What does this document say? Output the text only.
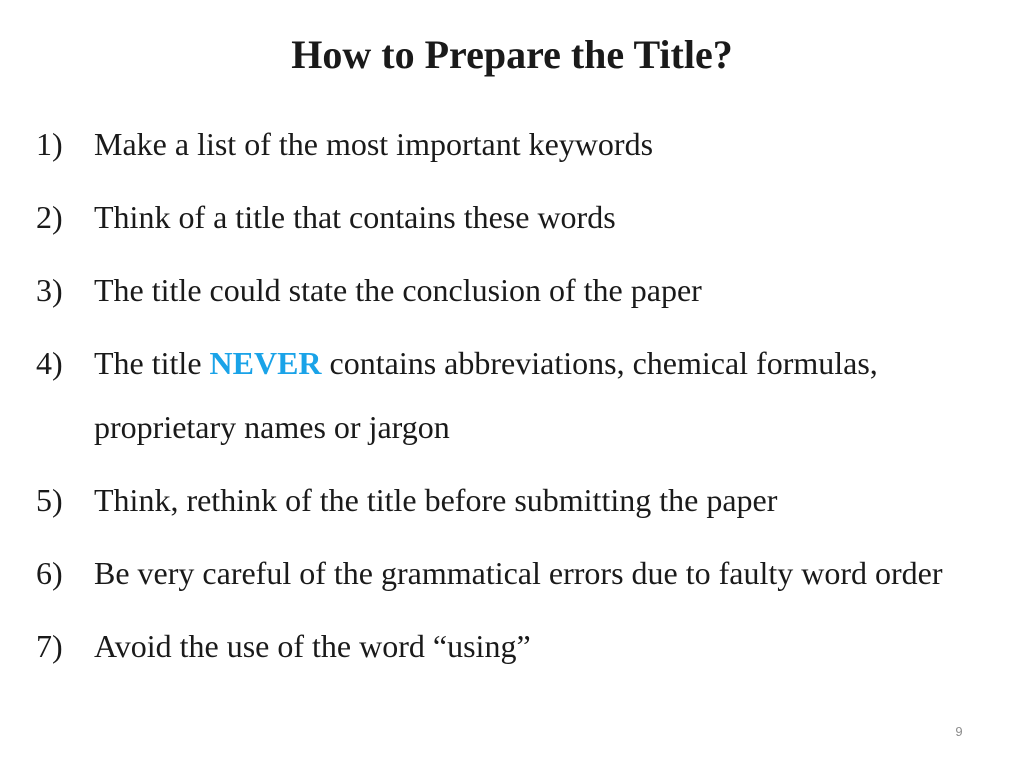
How to Prepare the Title?
1) Make a list of the most important keywords
2) Think of a title that contains these words
3) The title could state the conclusion of the paper
4) The title NEVER contains abbreviations, chemical formulas, proprietary names or jargon
5) Think, rethink of the title before submitting the paper
6) Be very careful of the grammatical errors due to faulty word order
7) Avoid the use of the word “using”
9
